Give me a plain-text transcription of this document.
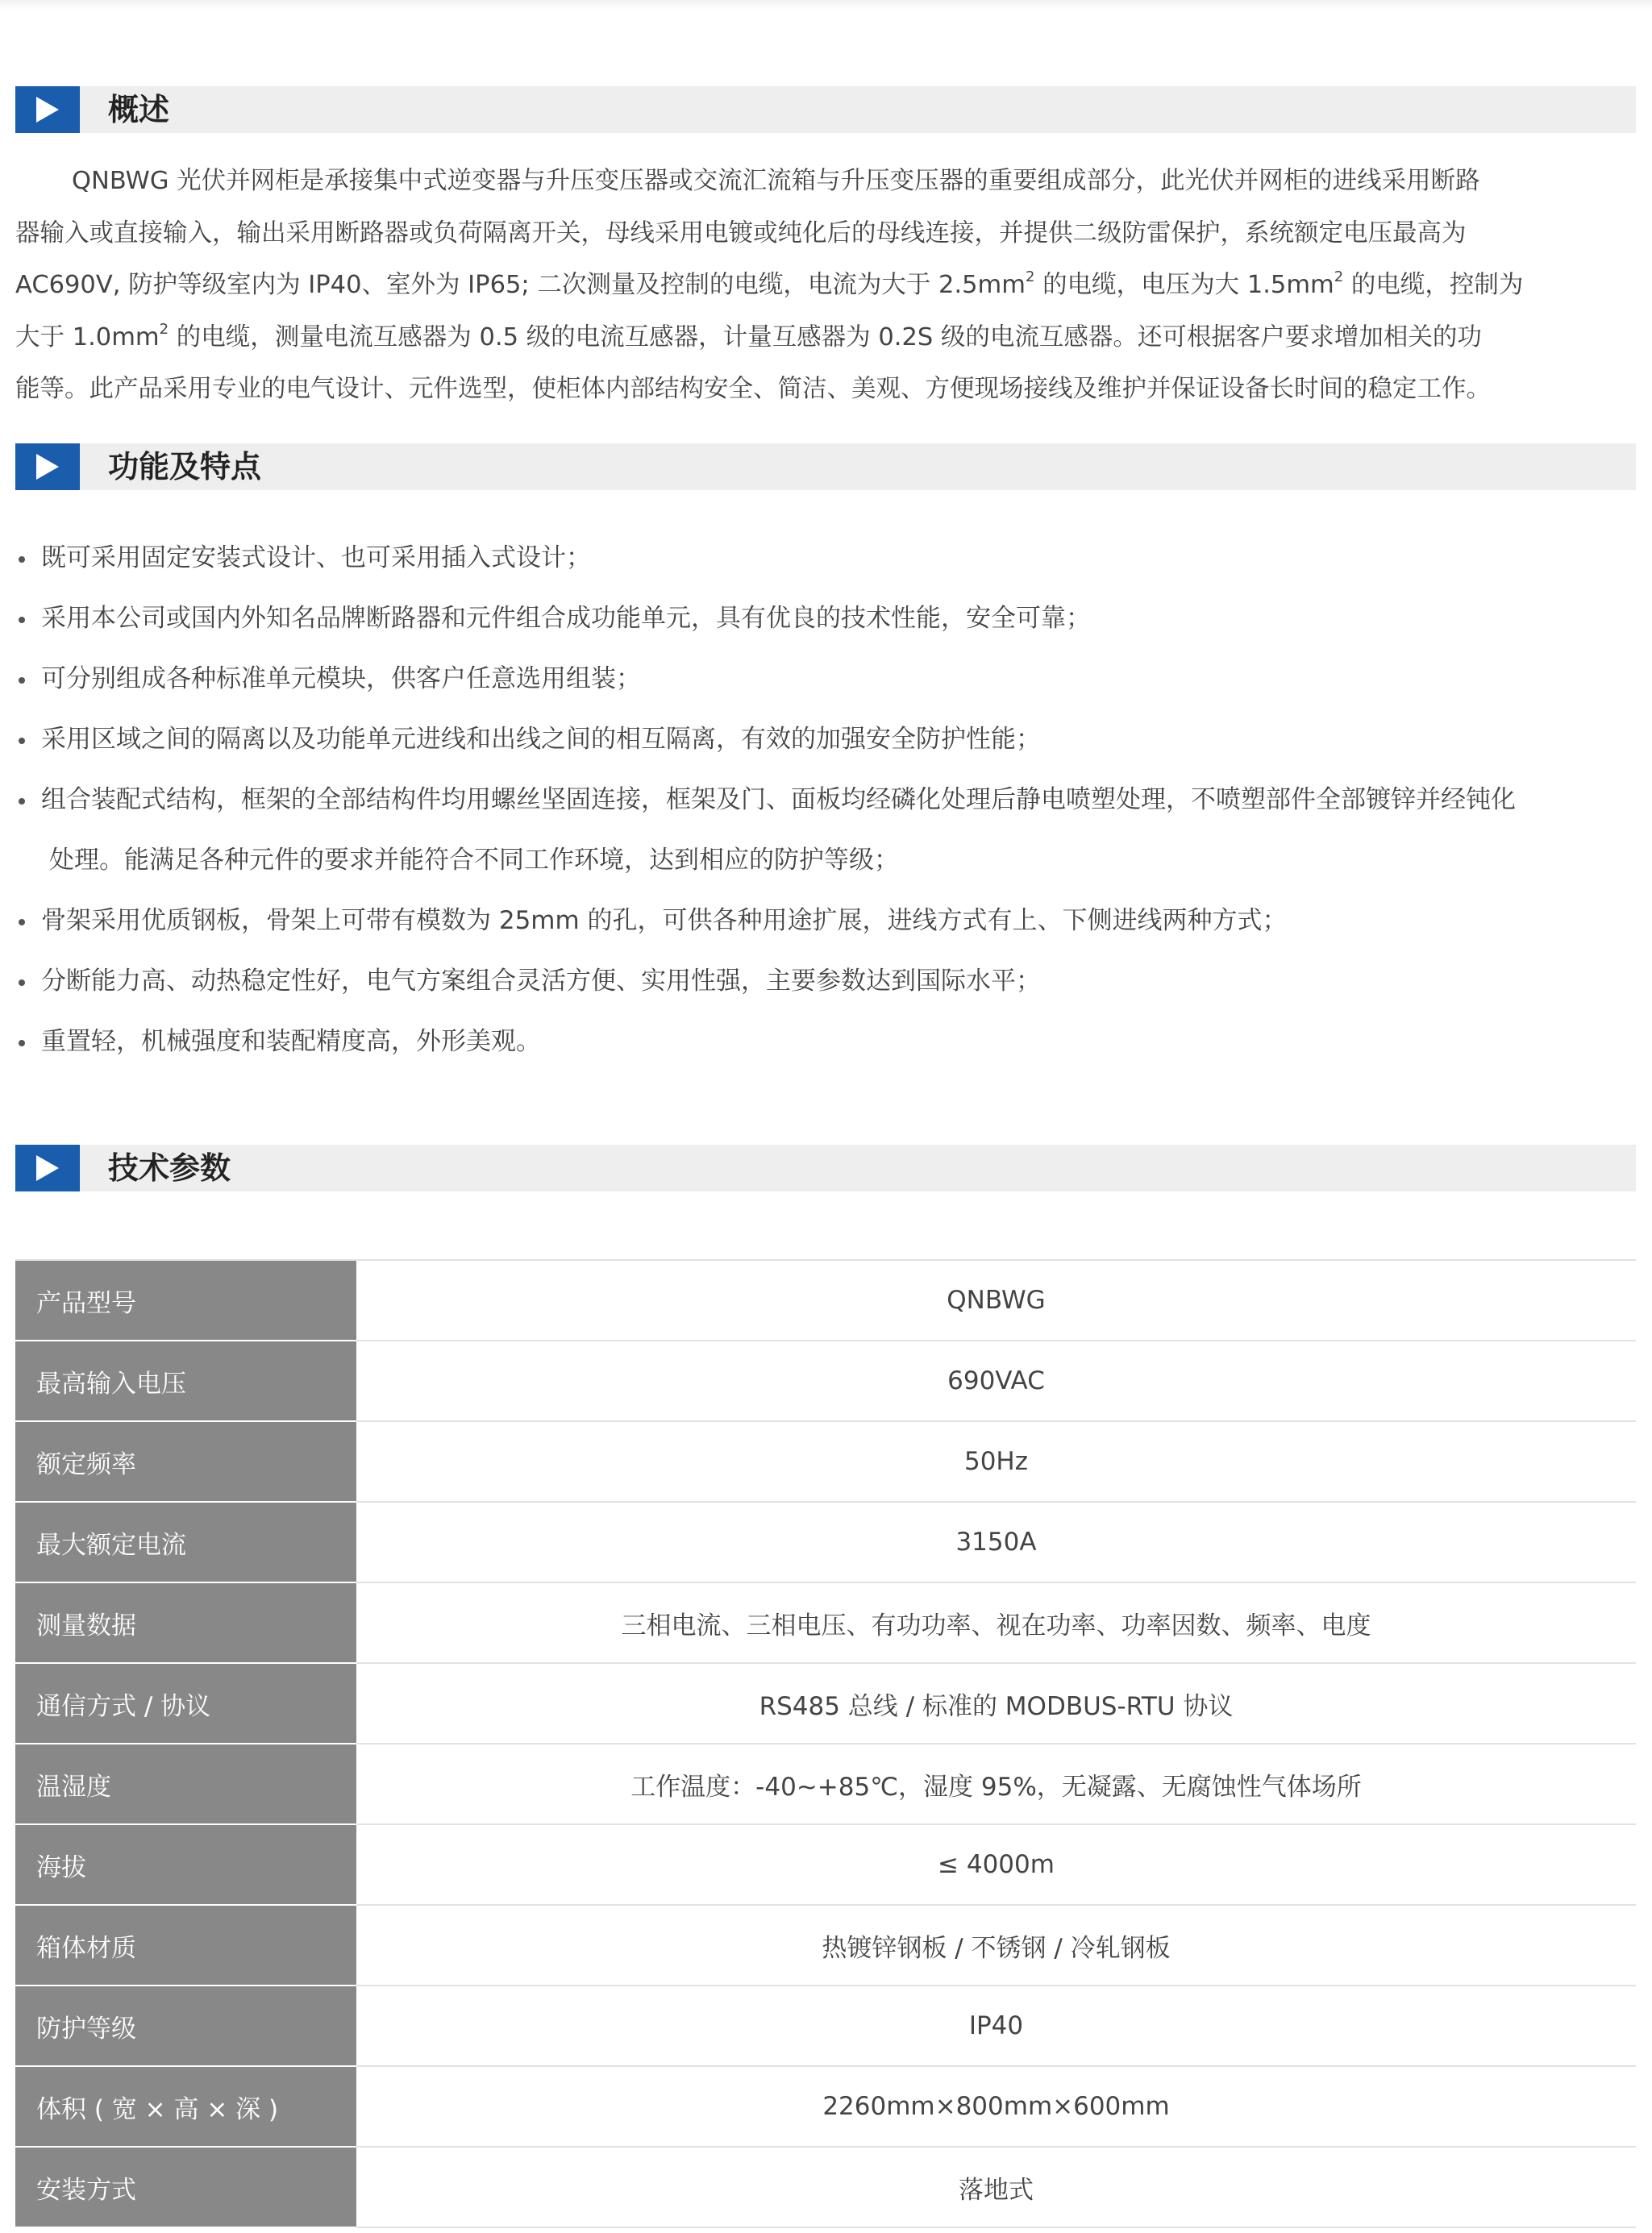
概述
QNBWG 光伏并网柜是承接集中式逆变器与升压变压器或交流汇流箱与升压变压器的重要组成部分，此光伏并网柜的进线采用断路
器输入或直接输入，输出采用断路器或负荷隔离开关，母线采用电镀或纯化后的母线连接，并提供二级防雷保护，系统额定电压最高为
AC690V, 防护等级室内为 IP40、室外为 IP65; 二次测量及控制的电缆，电流为大于 $2.5mm^2$ 的电缆，电压为大 $1.5mm^2$ 的电缆，控制为
大于 $1.0mm^2$ 的电缆，测量电流互感器为 0.5 级的电流互感器，计量互感器为 0.2S 级的电流互感器。还可根据客户要求增加相关的功
能等。此产品采用专业的电气设计、元件选型，使柜体内部结构安全、简洁、美观、方便现场接线及维护并保证设备长时间的稳定工作。
功能及特点
既可采用固定安装式设计、也可采用插入式设计；
采用本公司或国内外知名品牌断路器和元件组合成功能单元，具有优良的技术性能，安全可靠；
可分别组成各种标准单元模块，供客户任意选用组装；
采用区域之间的隔离以及功能单元进线和出线之间的相互隔离，有效的加强安全防护性能；
组合装配式结构，框架的全部结构件均用螺丝坚固连接，框架及门、面板均经磷化处理后静电喷塑处理，不喷塑部件全部镀锌并经钝化
处理。能满足各种元件的要求并能符合不同工作环境，达到相应的防护等级；
骨架采用优质钢板，骨架上可带有模数为 25mm 的孔，可供各种用途扩展，进线方式有上、下侧进线两种方式；
分断能力高、动热稳定性好，电气方案组合灵活方便、实用性强，主要参数达到国际水平；
重置轻，机械强度和装配精度高，外形美观。
技术参数
产品型号	QNBWG
最高输入电压	690VAC
额定频率	50Hz
最大额定电流	3150A
测量数据	三相电流、三相电压、有功功率、视在功率、功率因数、频率、电度
通信方式 / 协议	RS485 总线 / 标准的 MODBUS-RTU 协议
温湿度	工作温度：-40~+85℃，湿度 95%，无凝露、无腐蚀性气体场所
海拔	≤ 4000m
箱体材质	热镀锌钢板 / 不锈钢 / 冷轧钢板
防护等级	IP40
体积 ( 宽 × 高 × 深 )	2260mm×800mm×600mm
安装方式	落地式
